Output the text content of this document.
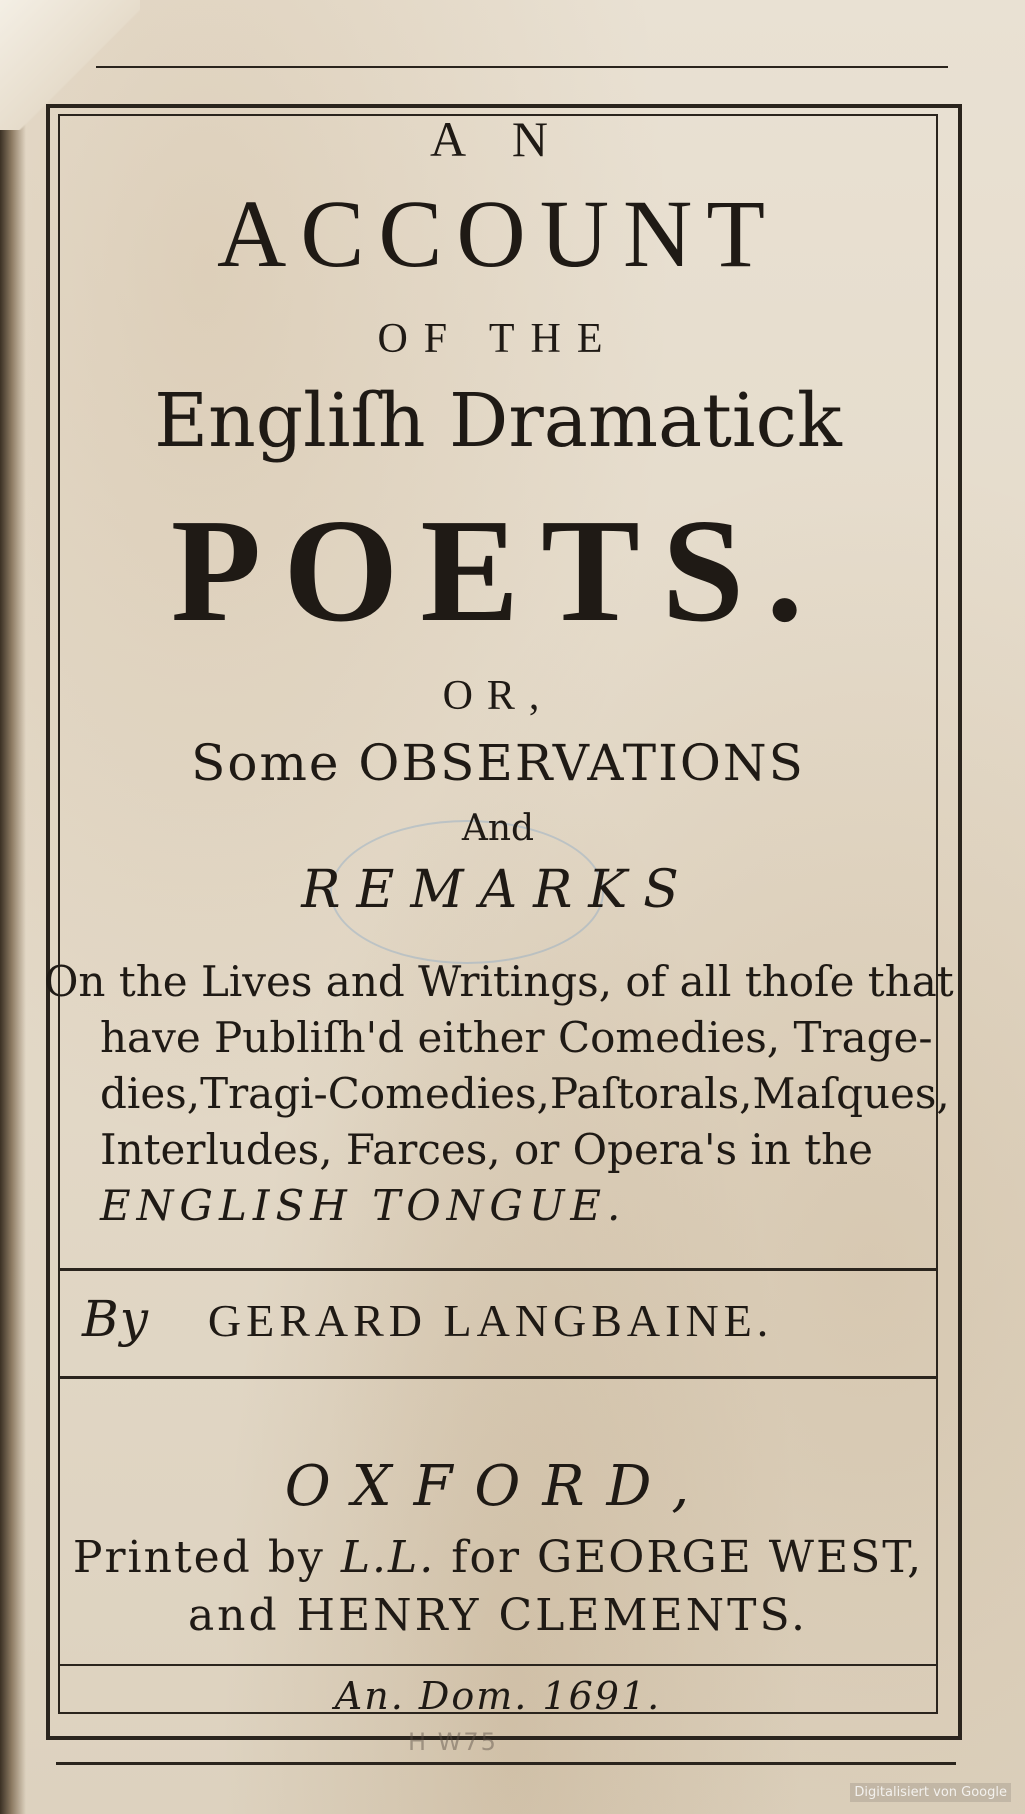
A N
ACCOUNT
OF THE
Engliſh Dramatick
POETS.
OR,
Some OBSERVATIONS
And
REMARKS
On the Lives and Writings, of all thoſe that
have Publiſh'd either Comedies, Trage-
dies,Tragi-Comedies,Paſtorals,Maſques,
Interludes, Farces, or Opera's in the
ENGLISH TONGUE.
By GERARD LANGBAINE.
OXFORD,
Printed by L.L. for GEORGE WEST,
and HENRY CLEMENTS.
An. Dom. 1691.
H W75
Digitalisiert von Google
